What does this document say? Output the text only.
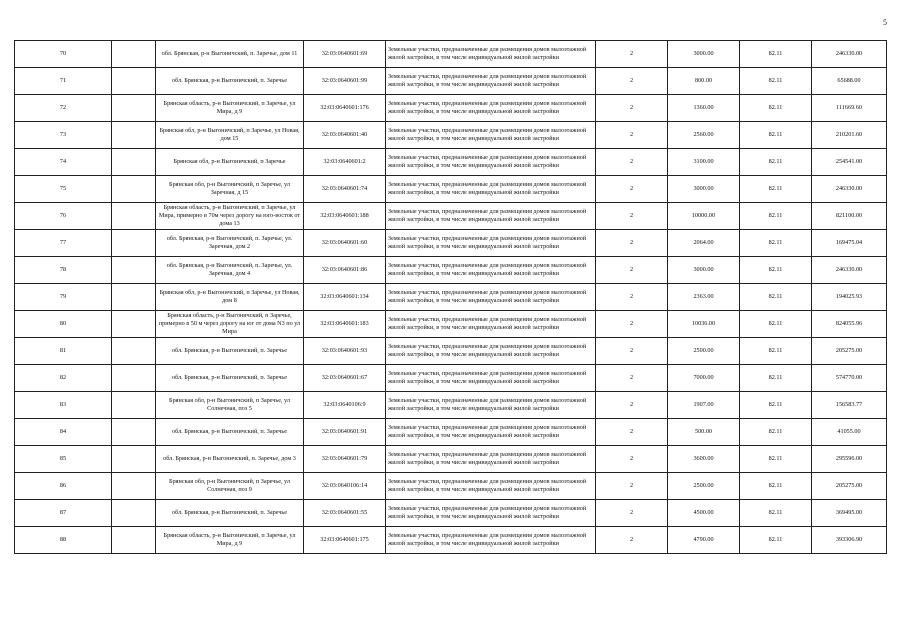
5
70		обл. Брянская, р-н Выгоничский, п. Заречье, дом 11	32:03:0640601:69	Земельные участки, предназначенные для размещения домов малоэтажной жилой застройки, в том числе индивидуальной жилой застройки	2	3000.00	82.11	246330.00
71		обл. Брянская, р-н Выгоничский, п. Заречье	32:03:0640601:99	Земельные участки, предназначенные для размещения домов малоэтажной жилой застройки, в том числе индивидуальной жилой застройки	2	800.00	82.11	65688.00
72		Брянская область, р-н Выгоничский, п Заречье, ул Мира, д 9	32:03:0640601:176	Земельные участки, предназначенные для размещения домов малоэтажной жилой застройки, в том числе индивидуальной жилой застройки	2	1360.00	82.11	111669.60
73		Брянская обл, р-н Выгоничский, п Заречье, ул Новая, дом 15	32:03:0640601:40	Земельные участки, предназначенные для размещения домов малоэтажной жилой застройки, в том числе индивидуальной жилой застройки	2	2560.00	82.11	210201.60
74		Брянская обл, р-н Выгоничский, п Заречье	32:03:0640601:2	Земельные участки, предназначенные для размещения домов малоэтажной жилой застройки, в том числе индивидуальной жилой застройки	2	3100.00	82.11	254541.00
75		Брянская обл, р-н Выгоничский, п Заречье, ул Заречная, д 15	32:03:0640601:74	Земельные участки, предназначенные для размещения домов малоэтажной жилой застройки, в том числе индивидуальной жилой застройки	2	3000.00	82.11	246330.00
76		Брянская область, р-н Выгоничский, п Заречье, ул Мира, примерно в 70м через дорогу на юго-восток от дома 13	32:03:0640601:188	Земельные участки, предназначенные для размещения домов малоэтажной жилой застройки, в том числе индивидуальной жилой застройки	2	10000.00	82.11	821100.00
77		обл. Брянская, р-н Выгоничский, п. Заречье, ул. Заречная, дом 2	32:03:0640601:60	Земельные участки, предназначенные для размещения домов малоэтажной жилой застройки, в том числе индивидуальной жилой застройки	2	2064.00	82.11	169475.04
78		обл. Брянская, р-н Выгоничский, п. Заречье, ул. Заречная, дом 4	32:03:0640601:86	Земельные участки, предназначенные для размещения домов малоэтажной жилой застройки, в том числе индивидуальной жилой застройки	2	3000.00	82.11	246330.00
79		Брянская обл, р-н Выгоничский, п Заречье, ул Новая, дом 8	32:03:0640601:134	Земельные участки, предназначенные для размещения домов малоэтажной жилой застройки, в том числе индивидуальной жилой застройки	2	2363.00	82.11	194025.93
80		Брянская область, р-н Выгоничский, п Заречье, примерно в 50 м через дорогу на юг от дома N3 по ул Мира	32:03:0640601:183	Земельные участки, предназначенные для размещения домов малоэтажной жилой застройки, в том числе индивидуальной жилой застройки	2	10036.00	82.11	824055.96
81		обл. Брянская, р-н Выгоничский, п. Заречье	32:03:0640601:93	Земельные участки, предназначенные для размещения домов малоэтажной жилой застройки, в том числе индивидуальной жилой застройки	2	2500.00	82.11	205275.00
82		обл. Брянская, р-н Выгоничский, п. Заречье	32:03:0640601:67	Земельные участки, предназначенные для размещения домов малоэтажной жилой застройки, в том числе индивидуальной жилой застройки	2	7000.00	82.11	574770.00
83		Брянская обл, р-н Выгоничский, п Заречье, ул Солнечная, поз 5	32:03:0640106:9	Земельные участки, предназначенные для размещения домов малоэтажной жилой застройки, в том числе индивидуальной жилой застройки	2	1907.00	82.11	156583.77
84		обл. Брянская, р-н Выгоничский, п. Заречье	32:03:0640601:91	Земельные участки, предназначенные для размещения домов малоэтажной жилой застройки, в том числе индивидуальной жилой застройки	2	500.00	82.11	41055.00
85		обл. Брянская, р-н Выгоничский, п. Заречье, дом 3	32:03:0640601:79	Земельные участки, предназначенные для размещения домов малоэтажной жилой застройки, в том числе индивидуальной жилой застройки	2	3600.00	82.11	295596.00
86		Брянская обл, р-н Выгоничский, п Заречье, ул Солнечная, поз 9	32:03:0640106:14	Земельные участки, предназначенные для размещения домов малоэтажной жилой застройки, в том числе индивидуальной жилой застройки	2	2500.00	82.11	205275.00
87		обл. Брянская, р-н Выгоничский, п. Заречье	32:03:0640601:55	Земельные участки, предназначенные для размещения домов малоэтажной жилой застройки, в том числе индивидуальной жилой застройки	2	4500.00	82.11	369495.00
88		Брянская область, р-н Выгоничский, п Заречье, ул Мира, д 9	32:03:0640601:175	Земельные участки, предназначенные для размещения домов малоэтажной жилой застройки, в том числе индивидуальной жилой застройки	2	4790.00	82.11	393306.90
